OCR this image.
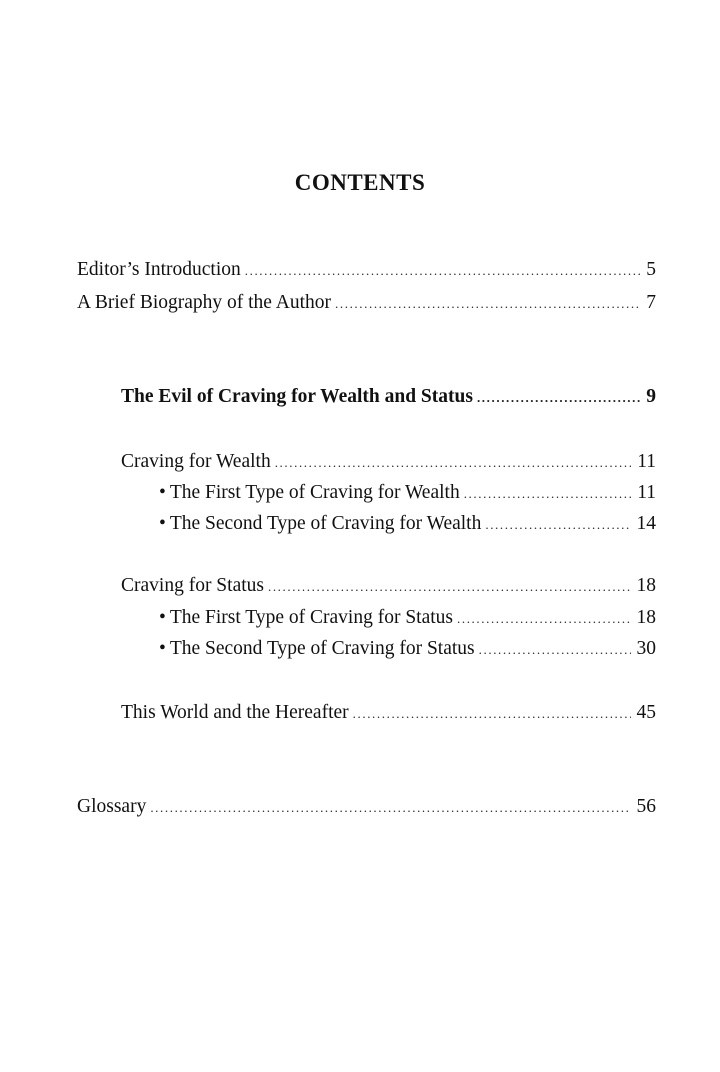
CONTENTS
Editor’s Introduction .....	5
A Brief Biography of the Author .....	7
The Evil of Craving for Wealth and Status .....	9
Craving for Wealth .....	11
• The First Type of Craving for Wealth .....	11
• The Second Type of Craving for Wealth .....	14
Craving for Status .....	18
• The First Type of Craving for Status .....	18
• The Second Type of Craving for Status .....	30
This World and the Hereafter .....	45
Glossary .....	56
